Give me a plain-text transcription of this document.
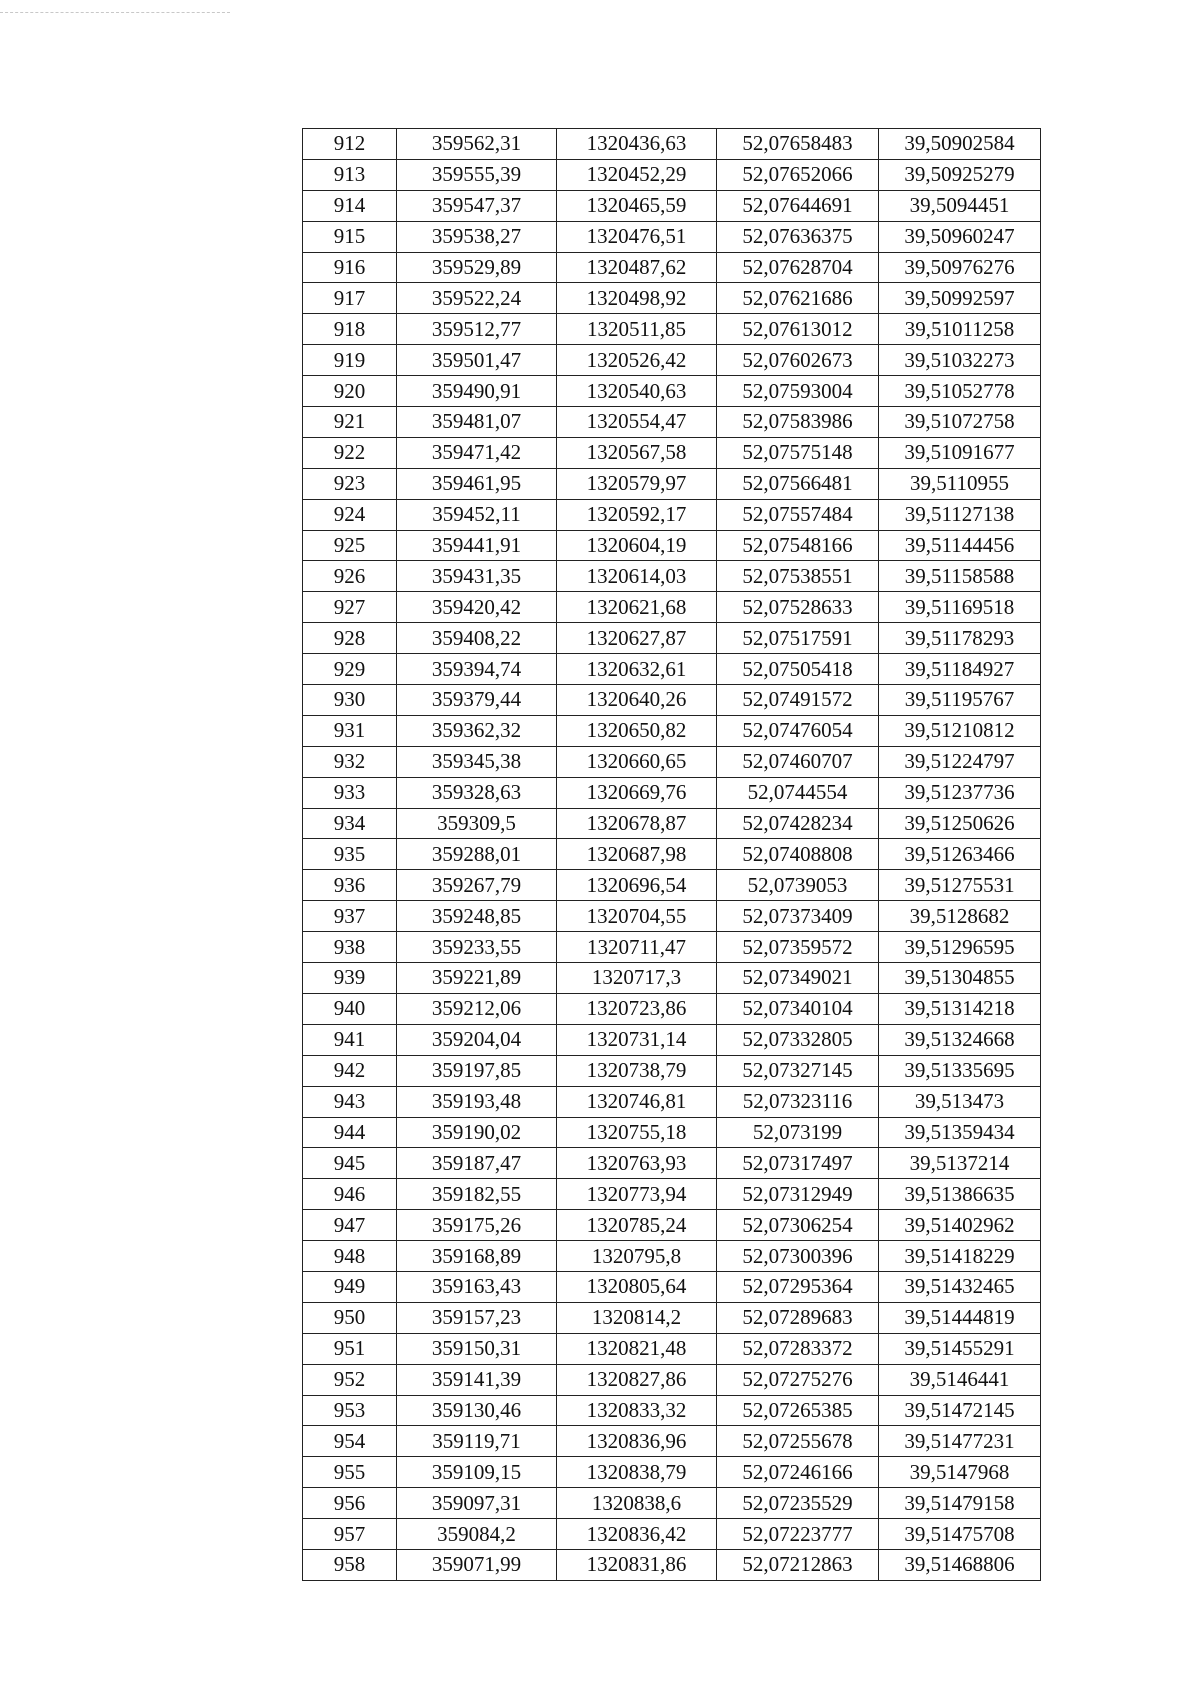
912	359562,31	1320436,63	52,07658483	39,50902584
913	359555,39	1320452,29	52,07652066	39,50925279
914	359547,37	1320465,59	52,07644691	39,5094451
915	359538,27	1320476,51	52,07636375	39,50960247
916	359529,89	1320487,62	52,07628704	39,50976276
917	359522,24	1320498,92	52,07621686	39,50992597
918	359512,77	1320511,85	52,07613012	39,51011258
919	359501,47	1320526,42	52,07602673	39,51032273
920	359490,91	1320540,63	52,07593004	39,51052778
921	359481,07	1320554,47	52,07583986	39,51072758
922	359471,42	1320567,58	52,07575148	39,51091677
923	359461,95	1320579,97	52,07566481	39,5110955
924	359452,11	1320592,17	52,07557484	39,51127138
925	359441,91	1320604,19	52,07548166	39,51144456
926	359431,35	1320614,03	52,07538551	39,51158588
927	359420,42	1320621,68	52,07528633	39,51169518
928	359408,22	1320627,87	52,07517591	39,51178293
929	359394,74	1320632,61	52,07505418	39,51184927
930	359379,44	1320640,26	52,07491572	39,51195767
931	359362,32	1320650,82	52,07476054	39,51210812
932	359345,38	1320660,65	52,07460707	39,51224797
933	359328,63	1320669,76	52,0744554	39,51237736
934	359309,5	1320678,87	52,07428234	39,51250626
935	359288,01	1320687,98	52,07408808	39,51263466
936	359267,79	1320696,54	52,0739053	39,51275531
937	359248,85	1320704,55	52,07373409	39,5128682
938	359233,55	1320711,47	52,07359572	39,51296595
939	359221,89	1320717,3	52,07349021	39,51304855
940	359212,06	1320723,86	52,07340104	39,51314218
941	359204,04	1320731,14	52,07332805	39,51324668
942	359197,85	1320738,79	52,07327145	39,51335695
943	359193,48	1320746,81	52,07323116	39,513473
944	359190,02	1320755,18	52,073199	39,51359434
945	359187,47	1320763,93	52,07317497	39,5137214
946	359182,55	1320773,94	52,07312949	39,51386635
947	359175,26	1320785,24	52,07306254	39,51402962
948	359168,89	1320795,8	52,07300396	39,51418229
949	359163,43	1320805,64	52,07295364	39,51432465
950	359157,23	1320814,2	52,07289683	39,51444819
951	359150,31	1320821,48	52,07283372	39,51455291
952	359141,39	1320827,86	52,07275276	39,5146441
953	359130,46	1320833,32	52,07265385	39,51472145
954	359119,71	1320836,96	52,07255678	39,51477231
955	359109,15	1320838,79	52,07246166	39,5147968
956	359097,31	1320838,6	52,07235529	39,51479158
957	359084,2	1320836,42	52,07223777	39,51475708
958	359071,99	1320831,86	52,07212863	39,51468806
